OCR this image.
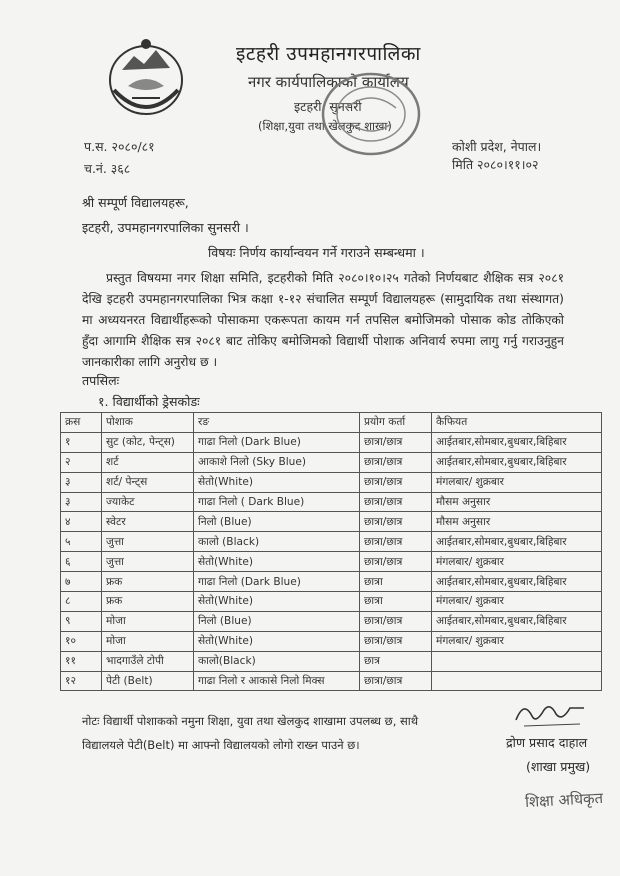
इटहरी उपमहानगरपालिका
नगर कार्यपालिकाको कार्यालय
इटहरी, सुनसरी
(शिक्षा,युवा तथा खेलकुद शाखा)
प.स. २०८०/८१
च.नं. ३६८
कोशी प्रदेश, नेपाल।
मिति २०८०।११।०२
श्री सम्पूर्ण विद्यालयहरू,
इटहरी, उपमहानगरपालिका सुनसरी ।
विषयः निर्णय कार्यान्वयन गर्ने गराउने सम्बन्धमा ।
प्रस्तुत विषयमा नगर शिक्षा समिति, इटहरीको मिति २०८०।१०।२५ गतेको निर्णयबाट शैक्षिक सत्र २०८१ देखि इटहरी उपमहानगरपालिका भित्र कक्षा १-१२ संचालित सम्पूर्ण विद्यालयहरू (सामुदायिक तथा संस्थागत) मा अध्ययनरत विद्यार्थीहरूको पोसाकमा एकरूपता कायम गर्न तपसिल बमोजिमको पोसाक कोड तोकिएको हुँदा आगामि शैक्षिक सत्र २०८१ बाट तोकिए बमोजिमको विद्यार्थी पोशाक अनिवार्य रुपमा लागु गर्नु गराउनुहुन जानकारीका लागि अनुरोध छ ।
तपसिलः
१. विद्यार्थीको ड्रेसकोडः
क्रस	पोशाक	रङ	प्रयोग कर्ता	कैफियत
१	सुट (कोट, पेन्ट्स)	गाढा निलो (Dark Blue)	छात्रा/छात्र	आईतबार,सोमबार,बुधबार,बिहिबार
२	शर्ट	आकाशे निलो (Sky Blue)	छात्रा/छात्र	आईतबार,सोमबार,बुधबार,बिहिबार
३	शर्ट/ पेन्ट्स	सेतो(White)	छात्रा/छात्र	मंगलबार/ शुक्रबार
३	ज्याकेट	गाढा निलो ( Dark Blue)	छात्रा/छात्र	मौसम अनुसार
४	स्वेटर	निलो (Blue)	छात्रा/छात्र	मौसम अनुसार
५	जुत्ता	कालो (Black)	छात्रा/छात्र	आईतबार,सोमबार,बुधबार,बिहिबार
६	जुत्ता	सेतो(White)	छात्रा/छात्र	मंगलबार/ शुक्रबार
७	फ्रक	गाढा निलो (Dark Blue)	छात्रा	आईतबार,सोमबार,बुधबार,बिहिबार
८	फ्रक	सेतो(White)	छात्रा	मंगलबार/ शुक्रबार
९	मोजा	निलो (Blue)	छात्रा/छात्र	आईतबार,सोमबार,बुधबार,बिहिबार
१०	मोजा	सेतो(White)	छात्रा/छात्र	मंगलबार/ शुक्रबार
११	भादगाउँले टोपी	कालो(Black)	छात्र	
१२	पेटी (Belt)	गाढा निलो र आकासे निलो मिक्स	छात्रा/छात्र	
नोटः विद्यार्थी पोशाकको नमुना शिक्षा, युवा तथा खेलकुद शाखामा उपलब्ध छ, साथै
विद्यालयले पेटी(Belt) मा आफ्नो विद्यालयको लोगो राख्न पाउने छ।	द्रोण प्रसाद दाहाल
(शाखा प्रमुख)
शिक्षा अधिकृत
